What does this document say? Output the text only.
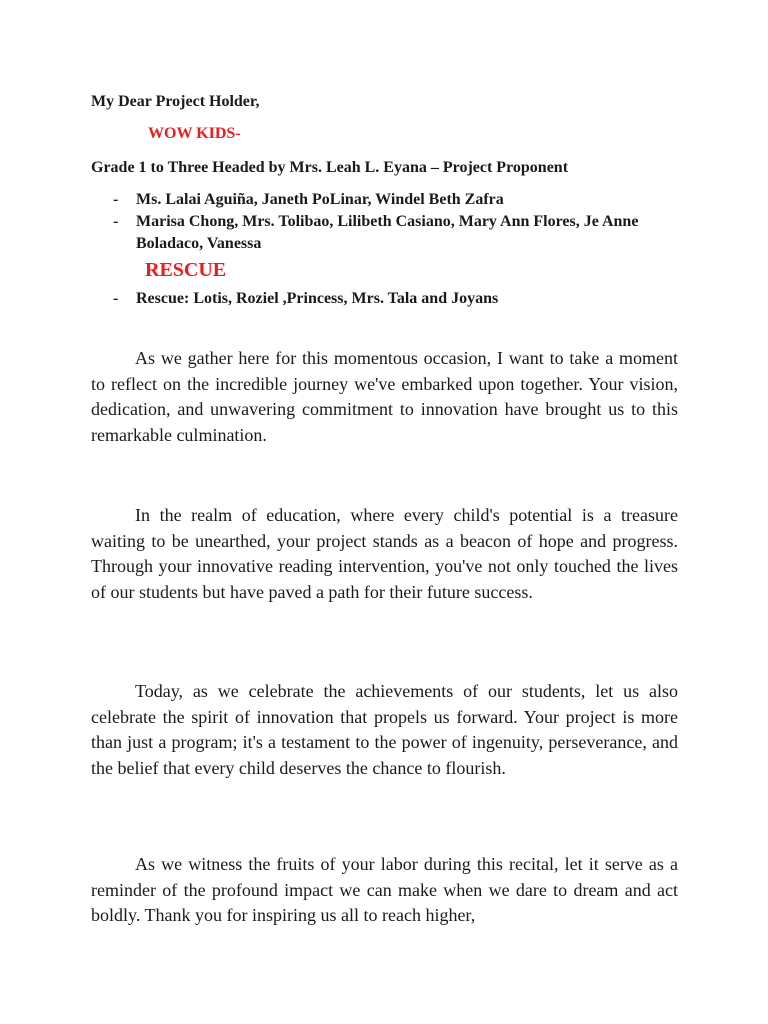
My Dear Project Holder,

WOW KIDS-

Grade 1 to Three Headed by Mrs. Leah L. Eyana – Project Proponent

- Ms. Lalai Aguiña, Janeth PoLinar, Windel Beth Zafra
- Marisa Chong, Mrs. Tolibao, Lilibeth Casiano, Mary Ann Flores, Je Anne Boladaco, Vanessa

RESCUE

- Rescue: Lotis, Roziel ,Princess, Mrs. Tala and Joyans

As we gather here for this momentous occasion, I want to take a moment to reflect on the incredible journey we've embarked upon together. Your vision, dedication, and unwavering commitment to innovation have brought us to this remarkable culmination.

In the realm of education, where every child's potential is a treasure waiting to be unearthed, your project stands as a beacon of hope and progress. Through your innovative reading intervention, you've not only touched the lives of our students but have paved a path for their future success.

Today, as we celebrate the achievements of our students, let us also celebrate the spirit of innovation that propels us forward. Your project is more than just a program; it's a testament to the power of ingenuity, perseverance, and the belief that every child deserves the chance to flourish.

As we witness the fruits of your labor during this recital, let it serve as a reminder of the profound impact we can make when we dare to dream and act boldly. Thank you for inspiring us all to reach higher,
